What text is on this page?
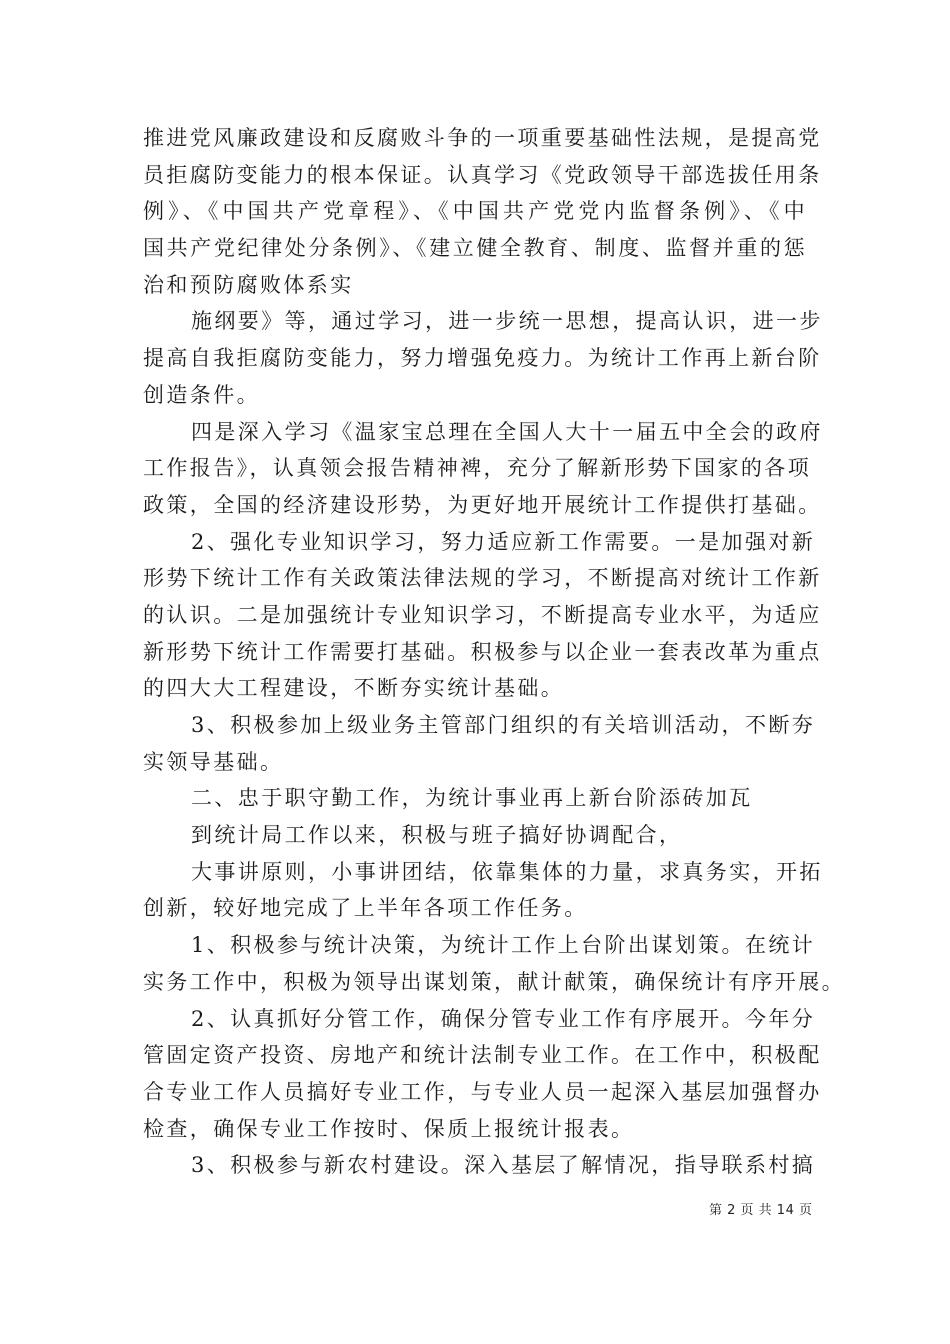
推进党风廉政建设和反腐败斗争的一项重要基础性法规，是提高党
员拒腐防变能力的根本保证。认真学习《党政领导干部选拔任用条
例》、《中国共产党章程》、《中国共产党党内监督条例》、《中
国共产党纪律处分条例》、《建立健全教育、制度、监督并重的惩
治和预防腐败体系实
施纲要》等，通过学习，进一步统一思想，提高认识，进一步
提高自我拒腐防变能力，努力增强免疫力。为统计工作再上新台阶
创造条件。
四是深入学习《温家宝总理在全国人大十一届五中全会的政府
工作报告》，认真领会报告精神裨，充分了解新形势下国家的各项
政策，全国的经济建设形势，为更好地开展统计工作提供打基础。
2、强化专业知识学习，努力适应新工作需要。一是加强对新
形势下统计工作有关政策法律法规的学习，不断提高对统计工作新
的认识。二是加强统计专业知识学习，不断提高专业水平，为适应
新形势下统计工作需要打基础。积极参与以企业一套表改革为重点
的四大大工程建设，不断夯实统计基础。
3、积极参加上级业务主管部门组织的有关培训活动，不断夯
实领导基础。
二、忠于职守勤工作，为统计事业再上新台阶添砖加瓦
到统计局工作以来，积极与班子搞好协调配合，
大事讲原则，小事讲团结，依靠集体的力量，求真务实，开拓
创新，较好地完成了上半年各项工作任务。
1、积极参与统计决策，为统计工作上台阶出谋划策。在统计
实务工作中，积极为领导出谋划策，献计献策，确保统计有序开展。
2、认真抓好分管工作，确保分管专业工作有序展开。今年分
管固定资产投资、房地产和统计法制专业工作。在工作中，积极配
合专业工作人员搞好专业工作，与专业人员一起深入基层加强督办
检查，确保专业工作按时、保质上报统计报表。
3、积极参与新农村建设。深入基层了解情况，指导联系村搞
第 2 页 共 14 页
